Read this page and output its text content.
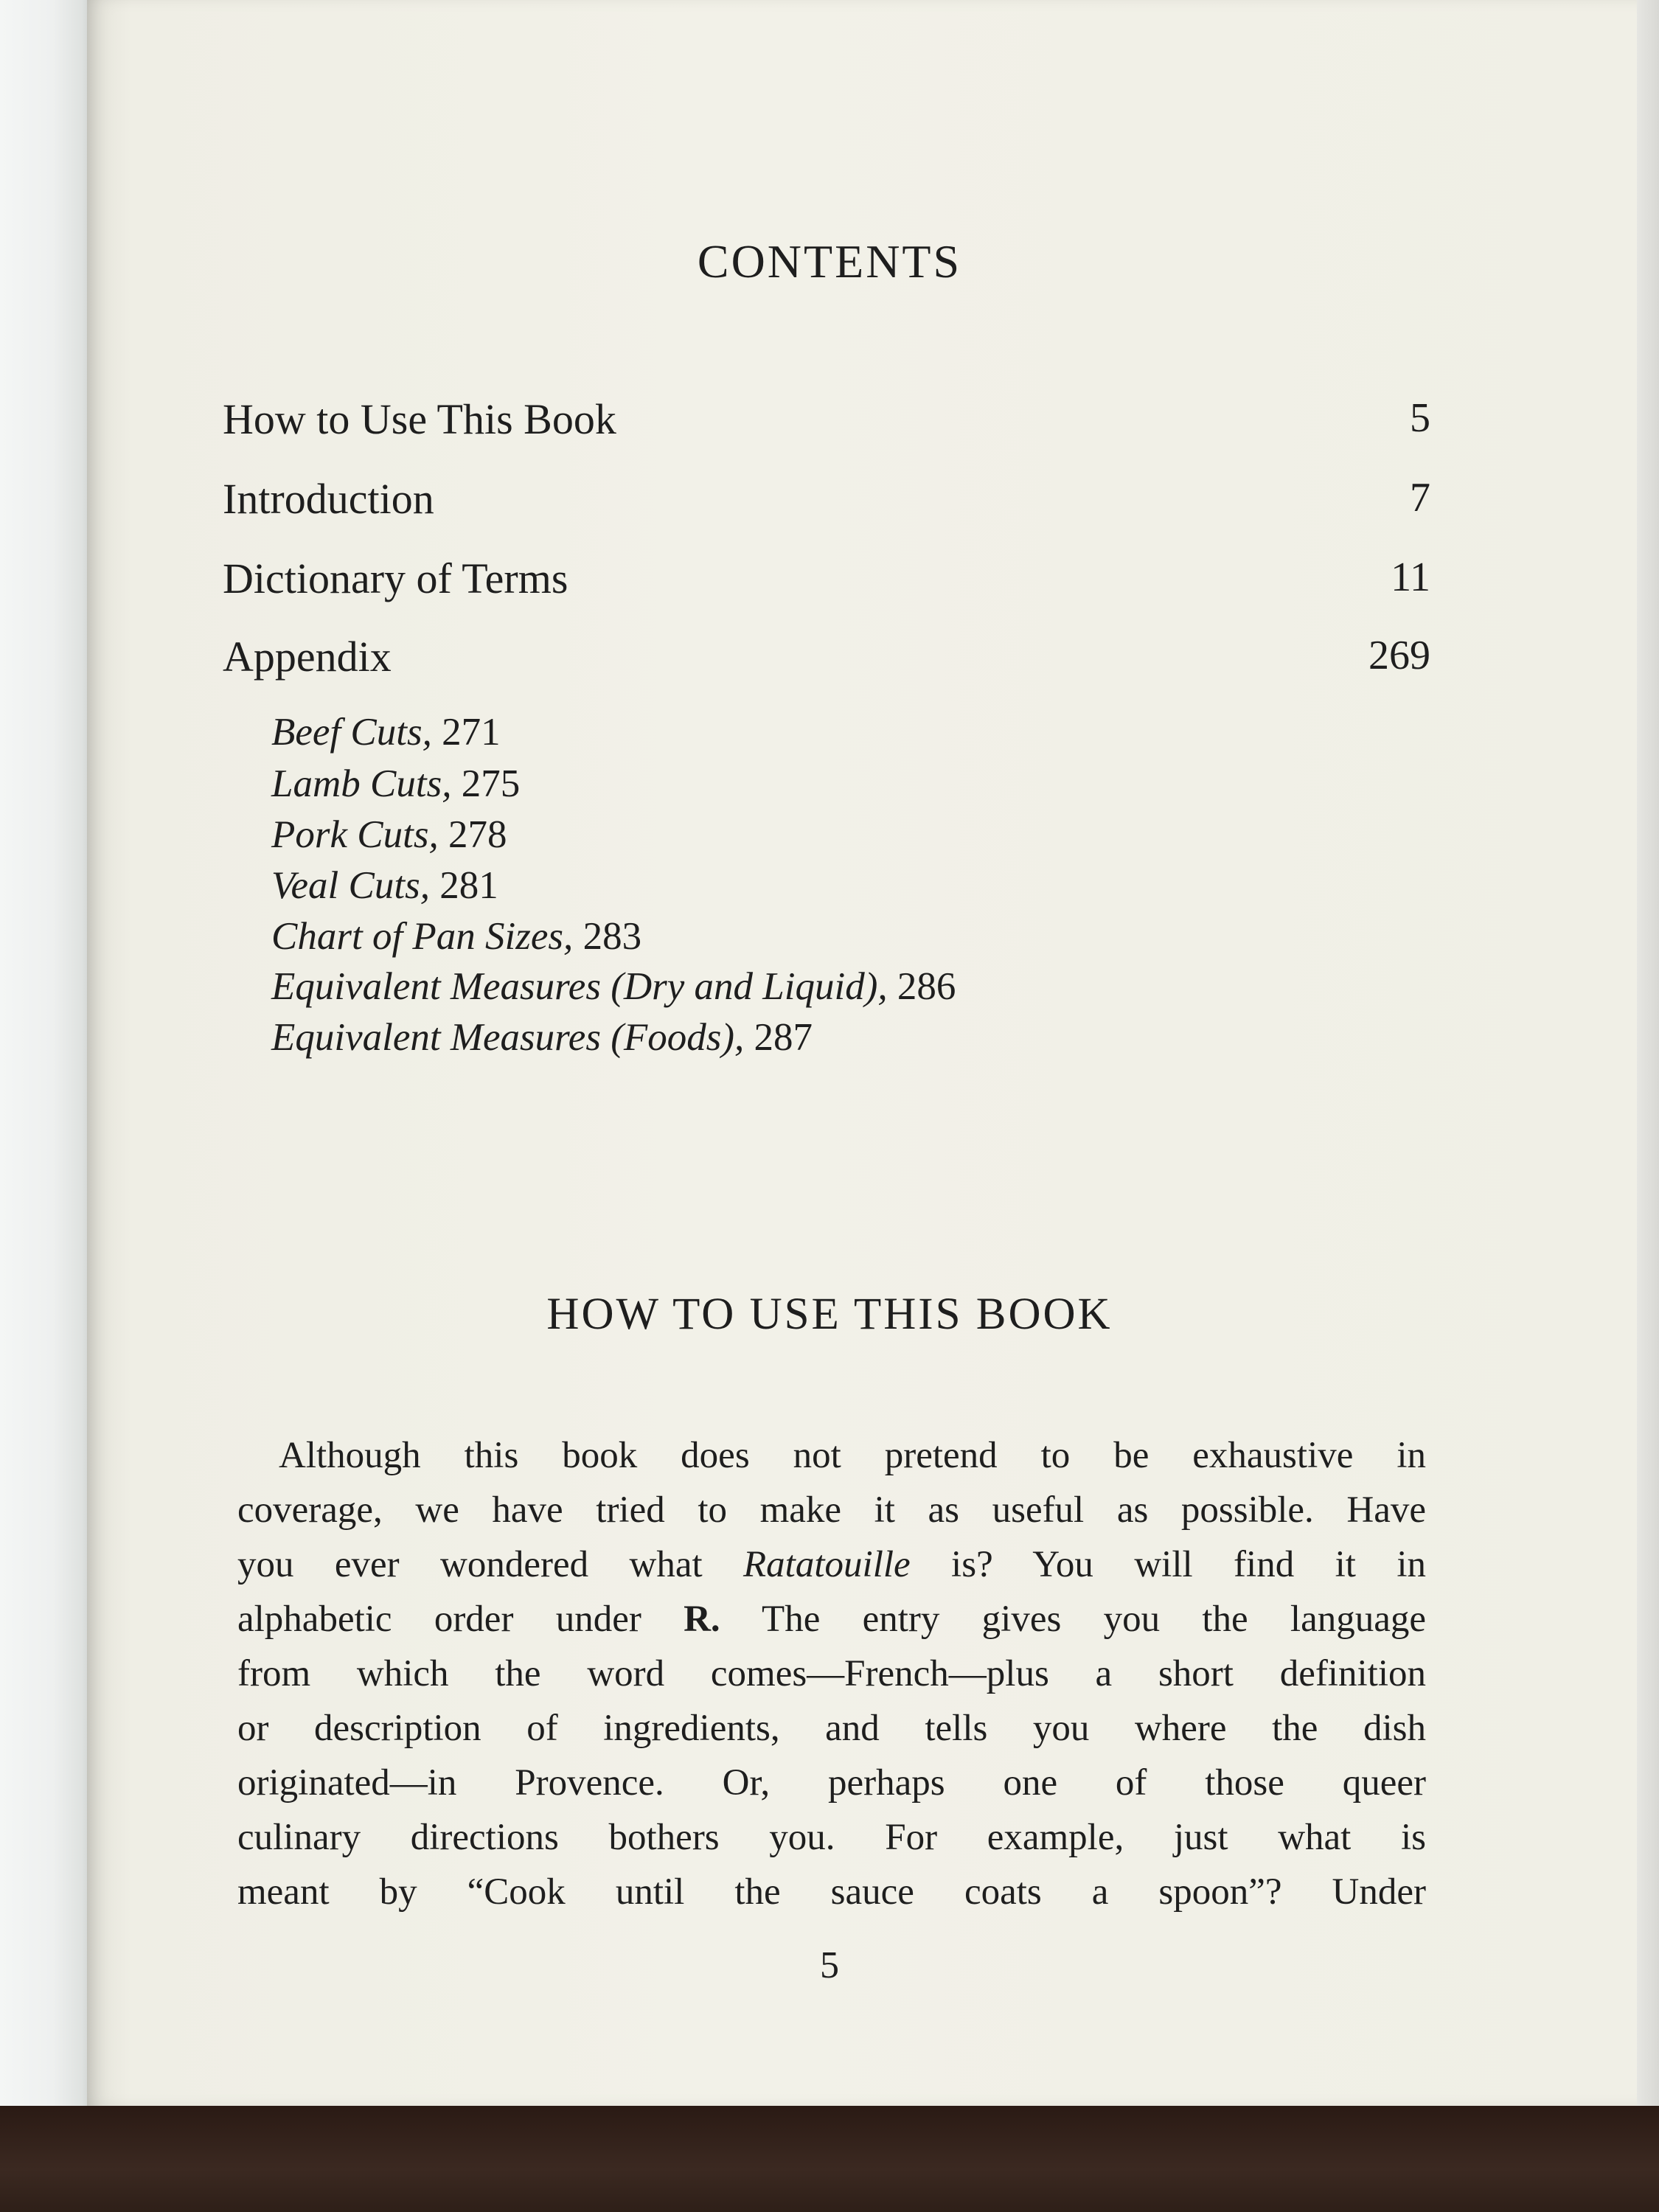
CONTENTS
How to Use This Book	5
Introduction	7
Dictionary of Terms	11
Appendix	269
Beef Cuts, 271
Lamb Cuts, 275
Pork Cuts, 278
Veal Cuts, 281
Chart of Pan Sizes, 283
Equivalent Measures (Dry and Liquid), 286
Equivalent Measures (Foods), 287
HOW TO USE THIS BOOK
Although this book does not pretend to be exhaustive in
coverage, we have tried to make it as useful as possible. Have
you ever wondered what Ratatouille is? You will find it in
alphabetic order under R. The entry gives you the language
from which the word comes—French—plus a short definition
or description of ingredients, and tells you where the dish
originated—in Provence. Or, perhaps one of those queer
culinary directions bothers you. For example, just what is
meant by “Cook until the sauce coats a spoon”? Under
5
